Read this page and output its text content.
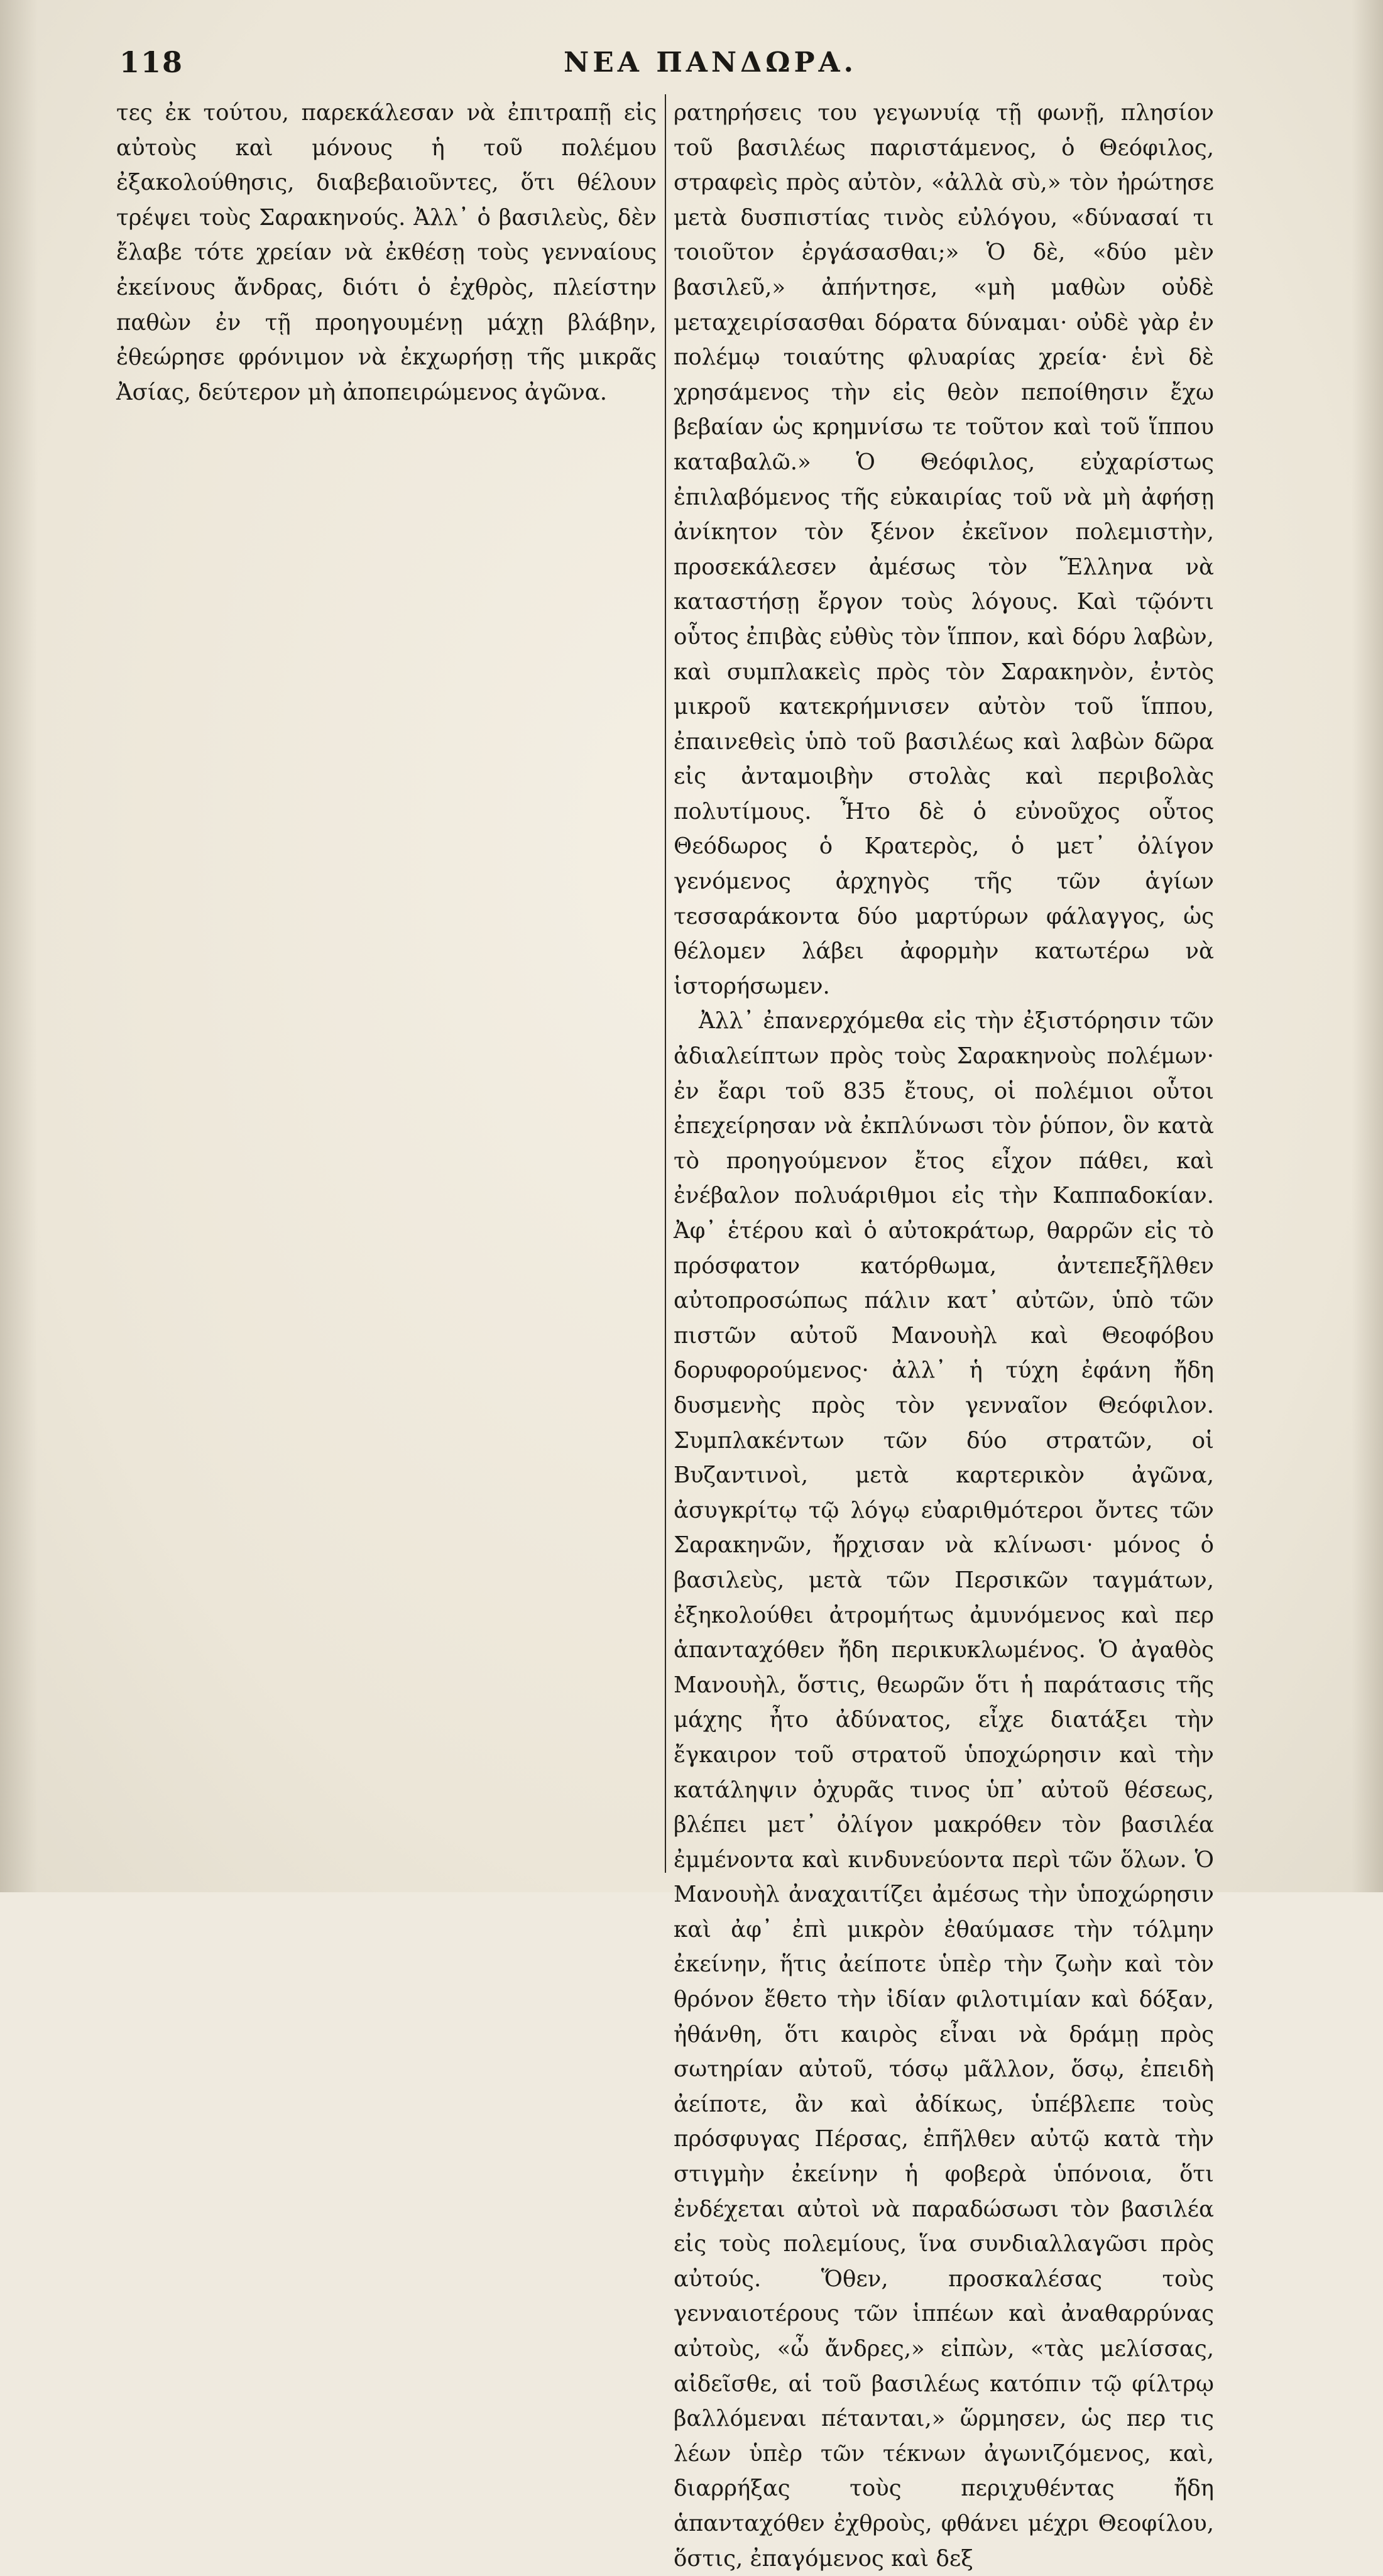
118	ΝΕΑ ΠΑΝΔΩΡΑ.

τες ἐκ τούτου, παρεκάλεσαν νὰ ἐπιτραπῇ εἰς αὐτοὺς καὶ μόνους ἡ τοῦ πολέμου ἐξακολούθησις, διαβεβαιοῦντες, ὅτι θέλουν τρέψει τοὺς Σαρακηνούς. Ἀλλ᾽ ὁ βασιλεὺς, δὲν ἔλαβε τότε χρείαν νὰ ἐκθέσῃ τοὺς γενναίους ἐκείνους ἄνδρας, διότι ὁ ἐχθρὸς, πλείστην παθὼν ἐν τῇ προηγουμένῃ μάχῃ βλάβην, ἐθεώρησε φρόνιμον νὰ ἐκχωρήσῃ τῆς μικρᾶς Ἀσίας, δεύτερον μὴ ἀποπειρώμενος ἀγῶνα.

ρατηρήσεις του γεγωνυίᾳ τῇ φωνῇ, πλησίον τοῦ βασιλέως παριστάμενος, ὁ Θεόφιλος, στραφεὶς πρὸς αὐτὸν, «ἀλλὰ σὺ,» τὸν ἠρώτησε μετὰ δυσπιστίας τινὸς εὐλόγου, «δύνασαί τι τοιοῦτον ἐργάσασθαι;» Ὁ δὲ, «δύο μὲν βασιλεῦ,» ἀπήντησε, «μὴ μαθὼν οὐδὲ μεταχειρίσασθαι δόρατα δύναμαι· οὐδὲ γὰρ ἐν πολέμῳ τοιαύτης φλυαρίας χρεία· ἑνὶ δὲ χρησάμενος τὴν εἰς θεὸν πεποίθησιν ἔχω βεβαίαν ὡς κρημνίσω τε τοῦτον καὶ τοῦ ἵππου καταβαλῶ.» Ὁ Θεόφιλος, εὐχαρίστως ἐπιλαβόμενος τῆς εὐκαιρίας τοῦ νὰ μὴ ἀφήσῃ ἀνίκητον τὸν ξένον ἐκεῖνον πολεμιστὴν, προσεκάλεσεν ἀμέσως τὸν Ἕλληνα νὰ καταστήσῃ ἔργον τοὺς λόγους. Καὶ τῷόντι οὗτος ἐπιβὰς εὐθὺς τὸν ἵππον, καὶ δόρυ λαβὼν, καὶ συμπλακεὶς πρὸς τὸν Σαρακηνὸν, ἐντὸς μικροῦ κατεκρήμνισεν αὐτὸν τοῦ ἵππου, ἐπαινεθεὶς ὑπὸ τοῦ βασιλέως καὶ λαβὼν δῶρα εἰς ἀνταμοιβὴν στολὰς καὶ περιβολὰς πολυτίμους. Ἦτο δὲ ὁ εὐνοῦχος οὗτος Θεόδωρος ὁ Κρατερὸς, ὁ μετ᾽ ὀλίγον γενόμενος ἀρχηγὸς τῆς τῶν ἁγίων τεσσαράκοντα δύο μαρτύρων φάλαγγος, ὡς θέλομεν λάβει ἀφορμὴν κατωτέρω νὰ ἱστορήσωμεν.

Ἀλλ᾽ ἐπανερχόμεθα εἰς τὴν ἐξιστόρησιν τῶν ἀδιαλείπτων πρὸς τοὺς Σαρακηνοὺς πολέμων· ἐν ἔαρι τοῦ 835 ἔτους, οἱ πολέμιοι οὗτοι ἐπεχείρησαν νὰ ἐκπλύνωσι τὸν ῥύπον, ὃν κατὰ τὸ προηγούμενον ἔτος εἶχον πάθει, καὶ ἐνέβαλον πολυάριθμοι εἰς τὴν Καππαδοκίαν. Ἀφ᾽ ἑτέρου καὶ ὁ αὐτοκράτωρ, θαρρῶν εἰς τὸ πρόσφατον κατόρθωμα, ἀντεπεξῆλθεν αὐτοπροσώπως πάλιν κατ᾽ αὐτῶν, ὑπὸ τῶν πιστῶν αὐτοῦ Μανουὴλ καὶ Θεοφόβου δορυφορούμενος· ἀλλ᾽ ἡ τύχη ἐφάνη ἤδη δυσμενὴς πρὸς τὸν γενναῖον Θεόφιλον. Συμπλακέντων τῶν δύο στρατῶν, οἱ Βυζαντινοὶ, μετὰ καρτερικὸν ἀγῶνα, ἀσυγκρίτῳ τῷ λόγῳ εὐαριθμότεροι ὄντες τῶν Σαρακηνῶν, ἤρχισαν νὰ κλίνωσι· μόνος ὁ βασιλεὺς, μετὰ τῶν Περσικῶν ταγμάτων, ἐξηκολούθει ἀτρομήτως ἀμυνόμενος καὶ περ ἁπανταχόθεν ἤδη περικυκλωμένος. Ὁ ἀγαθὸς Μανουὴλ, ὅστις, θεωρῶν ὅτι ἡ παράτασις τῆς μάχης ἦτο ἀδύνατος, εἶχε διατάξει τὴν ἔγκαιρον τοῦ στρατοῦ ὑποχώρησιν καὶ τὴν κατάληψιν ὀχυρᾶς τινος ὑπ᾽ αὐτοῦ θέσεως, βλέπει μετ᾽ ὀλίγον μακρόθεν τὸν βασιλέα ἐμμένοντα καὶ κινδυνεύοντα περὶ τῶν ὅλων. Ὁ Μανουὴλ ἀναχαιτίζει ἀμέσως τὴν ὑποχώρησιν καὶ ἀφ᾽ ἐπὶ μικρὸν ἐθαύμασε τὴν τόλμην ἐκείνην, ἥτις ἀείποτε ὑπὲρ τὴν ζωὴν καὶ τὸν θρόνον ἔθετο τὴν ἰδίαν φιλοτιμίαν καὶ δόξαν, ἠθάνθη, ὅτι καιρὸς εἶναι νὰ δράμῃ πρὸς σωτηρίαν αὐτοῦ, τόσῳ μᾶλλον, ὅσῳ, ἐπειδὴ ἀείποτε, ἂν καὶ ἀδίκως, ὑπέβλεπε τοὺς πρόσφυγας Πέρσας, ἐπῆλθεν αὐτῷ κατὰ τὴν στιγμὴν ἐκείνην ἡ φοβερὰ ὑπόνοια, ὅτι ἐνδέχεται αὐτοὶ νὰ παραδώσωσι τὸν βασιλέα εἰς τοὺς πολεμίους, ἵνα συνδιαλλαγῶσι πρὸς αὐτούς. Ὅθεν, προσκαλέσας τοὺς γενναιοτέρους τῶν ἱππέων καὶ ἀναθαρρύνας αὐτοὺς, «ὦ ἄνδρες,» εἰπὼν, «τὰς μελίσσας, αἰδεῖσθε, αἱ τοῦ βασιλέως κατόπιν τῷ φίλτρῳ βαλλόμεναι πέτανται,» ὥρμησεν, ὡς περ τις λέων ὑπὲρ τῶν τέκνων ἀγωνιζόμενος, καὶ, διαρρήξας τοὺς περιχυθέντας ἤδη ἁπανταχόθεν ἐχθροὺς, φθάνει μέχρι Θεοφίλου, ὅστις, ἐπαγόμενος καὶ δεξ
